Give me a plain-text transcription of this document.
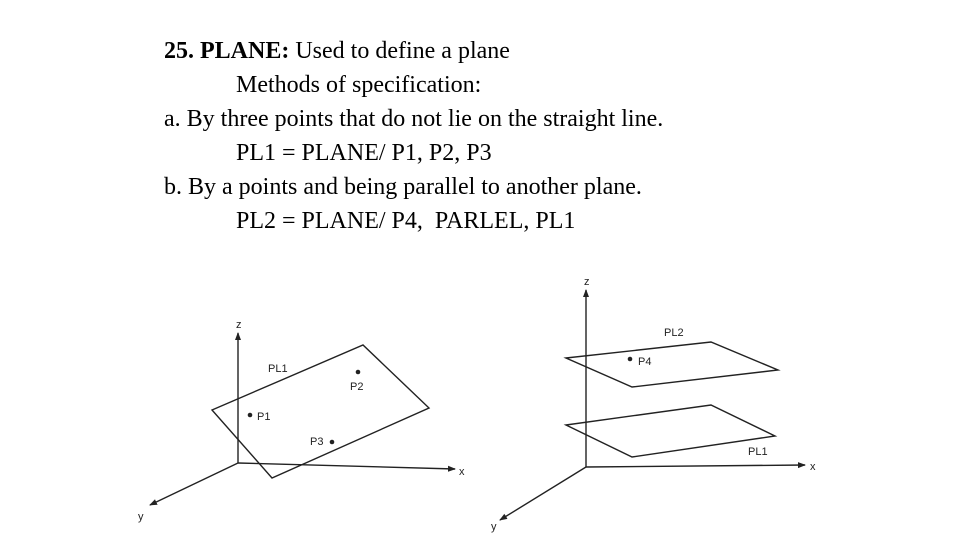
25. PLANE: Used to define a plane
Methods of specification:
a. By three points that do not lie on the straight line.
PL1 = PLANE/ P1, P2, P3
b. By a points and being parallel to another plane.
PL2 = PLANE/ P4,  PARLEL, PL1
z
x
y
PL1
P1
P2
P3
z
x
y
PL2
P4
PL1
